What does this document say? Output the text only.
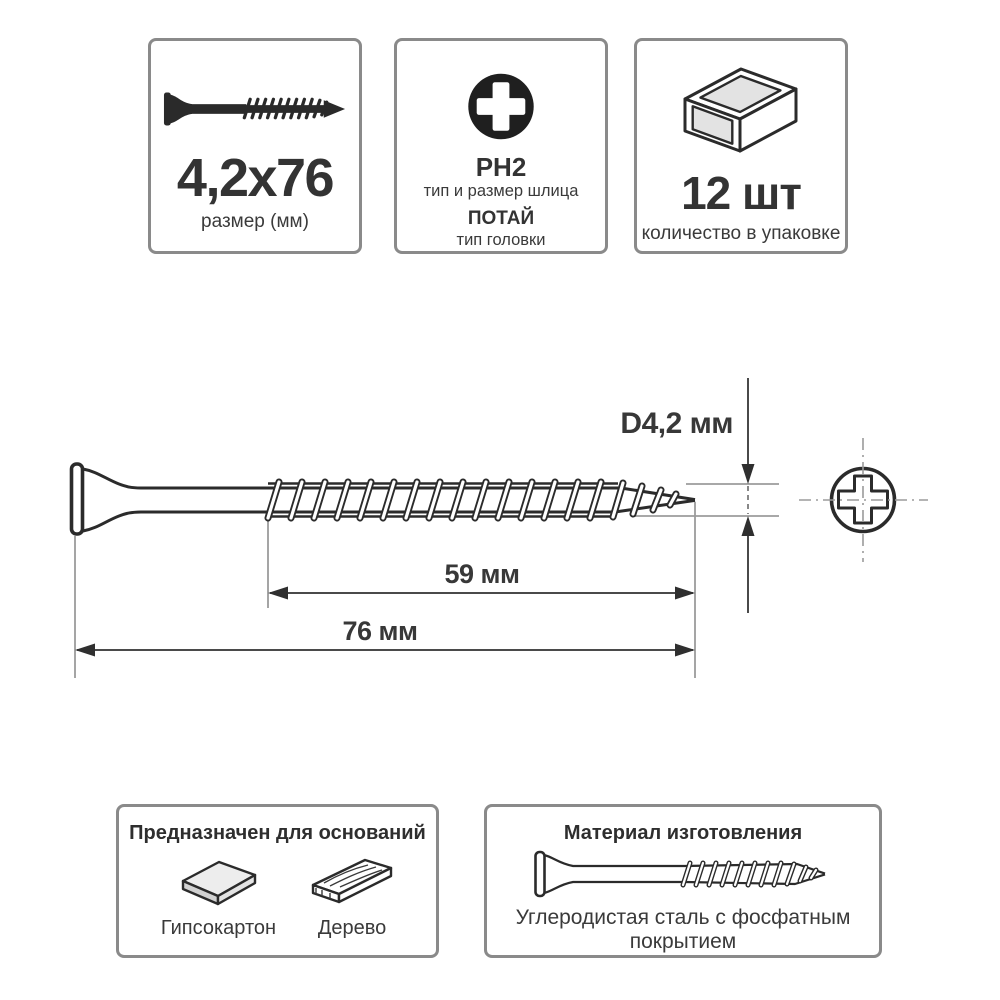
4,2x76
размер (мм)
PH2
тип и размер шлица
ПОТАЙ
тип головки
12 шт
количество в упаковке
D4,2 мм
59 мм
76 мм
Предназначен для оснований
Гипсокартон Дерево
Материал изготовления
Углеродистая сталь с фосфатным покрытием
